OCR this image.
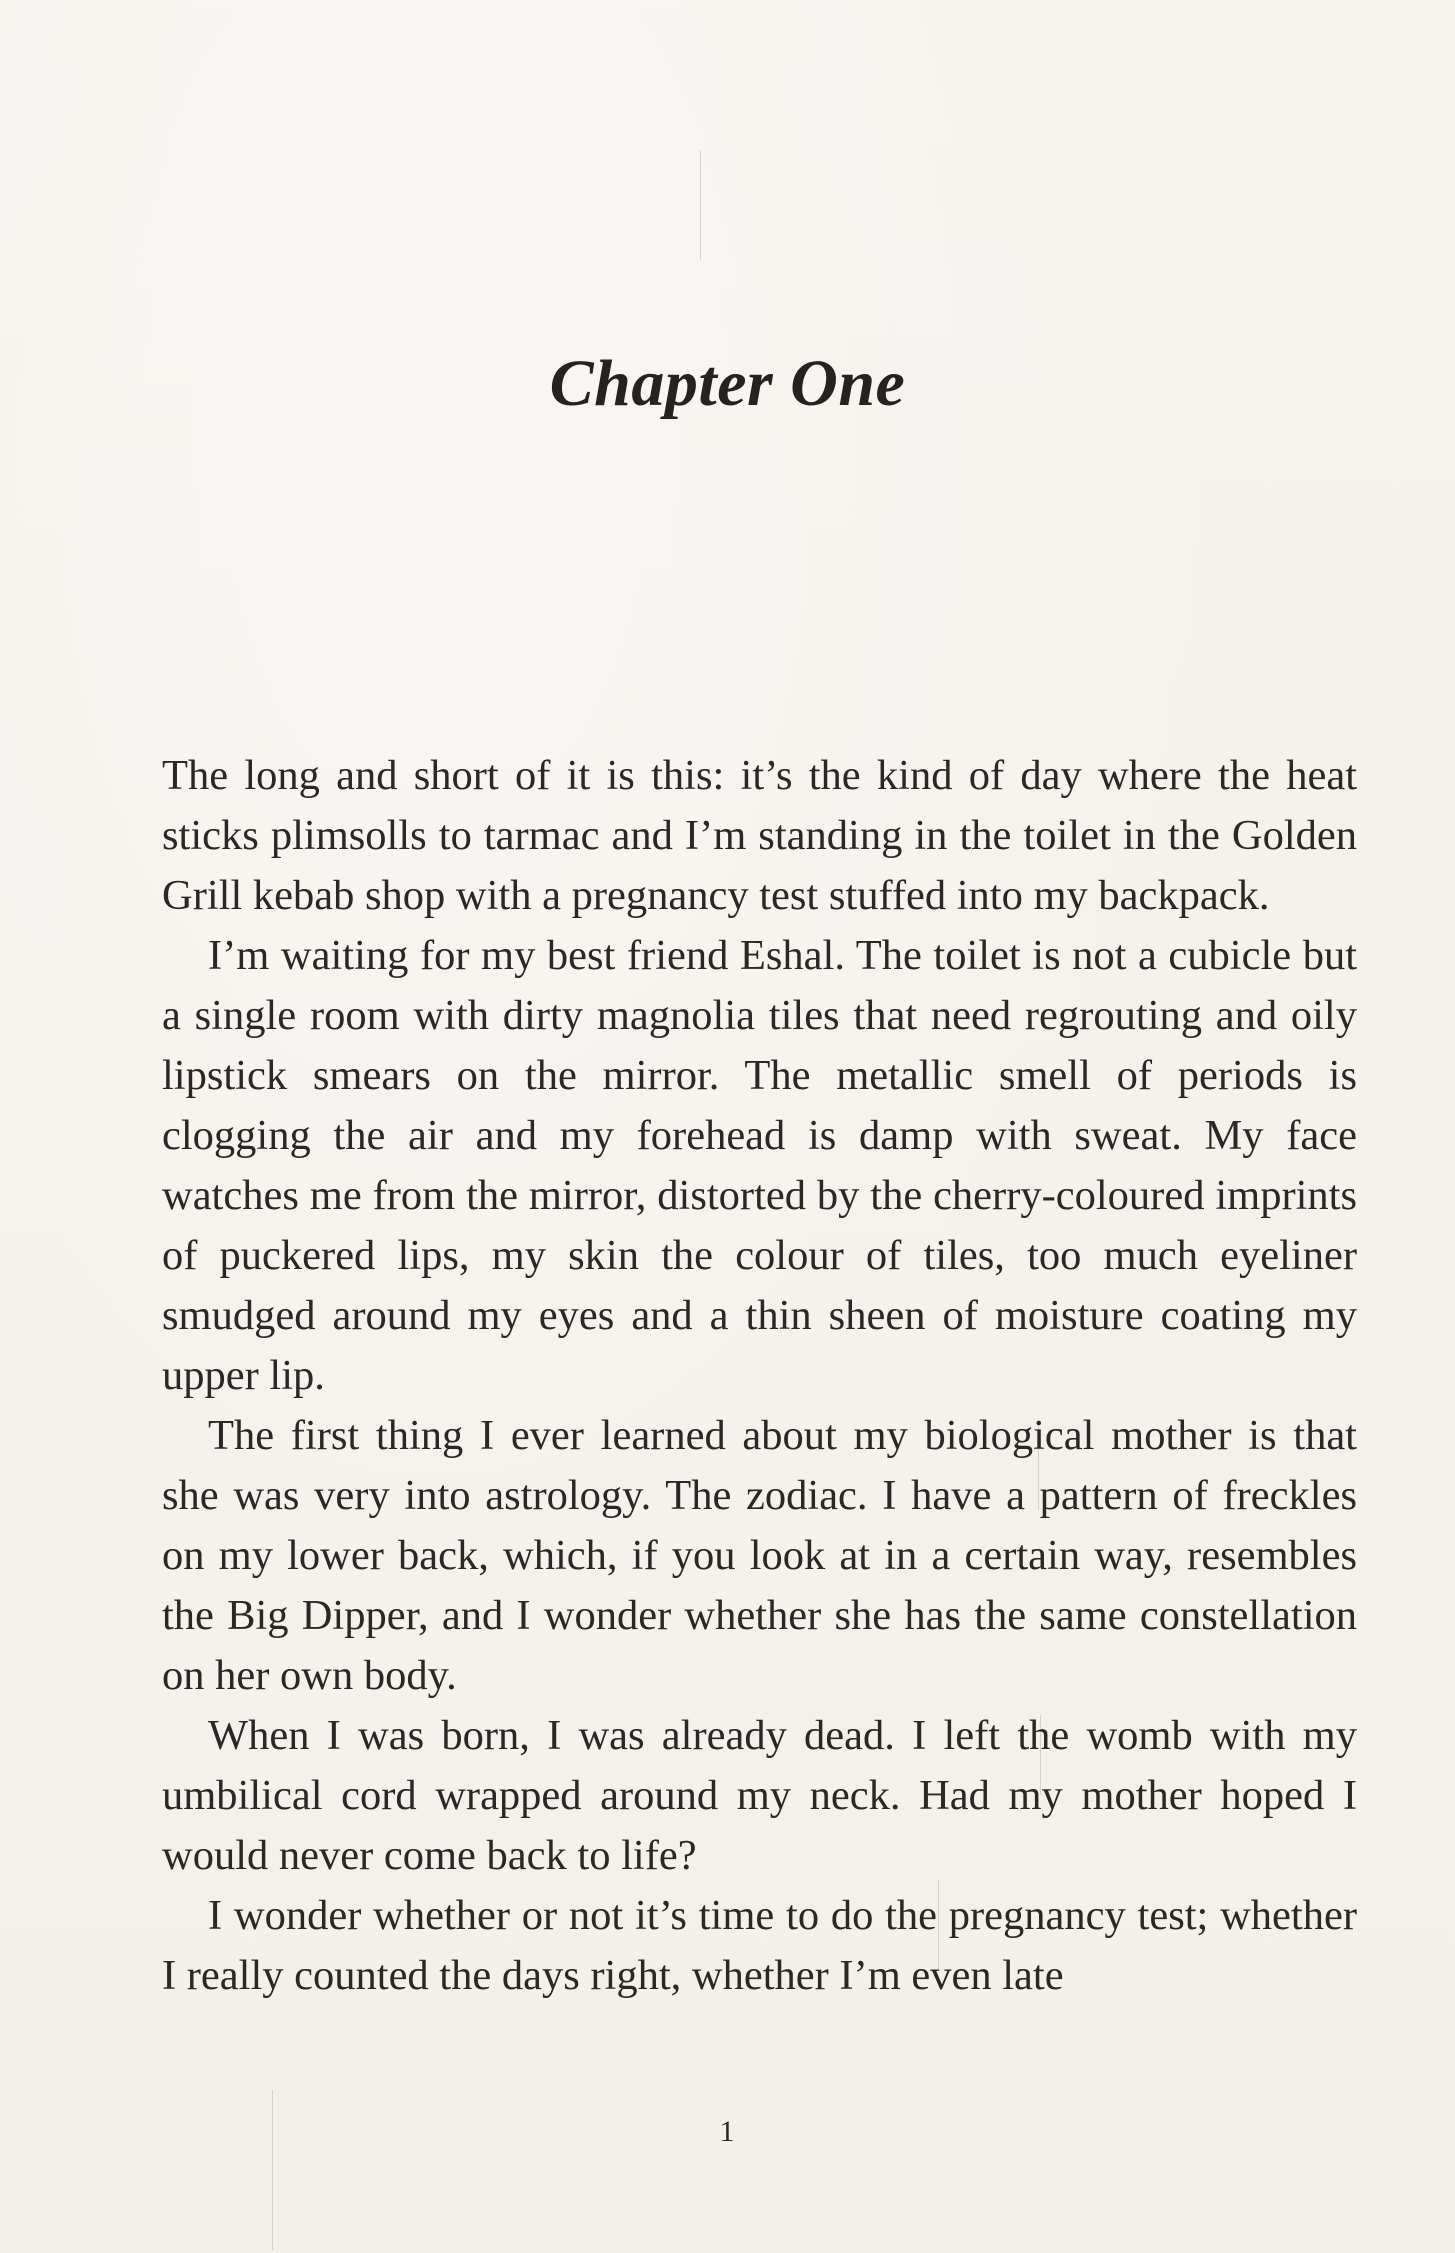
Chapter One

The long and short of it is this: it’s the kind of day where the heat sticks plimsolls to tarmac and I’m standing in the toilet in the Golden Grill kebab shop with a pregnancy test stuffed into my backpack.

I’m waiting for my best friend Eshal. The toilet is not a cubicle but a single room with dirty magnolia tiles that need regrouting and oily lipstick smears on the mirror. The metallic smell of periods is clogging the air and my forehead is damp with sweat. My face watches me from the mirror, distorted by the cherry-coloured imprints of puckered lips, my skin the colour of tiles, too much eyeliner smudged around my eyes and a thin sheen of moisture coating my upper lip.

The first thing I ever learned about my biological mother is that she was very into astrology. The zodiac. I have a pattern of freckles on my lower back, which, if you look at in a certain way, resembles the Big Dipper, and I wonder whether she has the same constellation on her own body.

When I was born, I was already dead. I left the womb with my umbilical cord wrapped around my neck. Had my mother hoped I would never come back to life?

I wonder whether or not it’s time to do the pregnancy test; whether I really counted the days right, whether I’m even late

1
